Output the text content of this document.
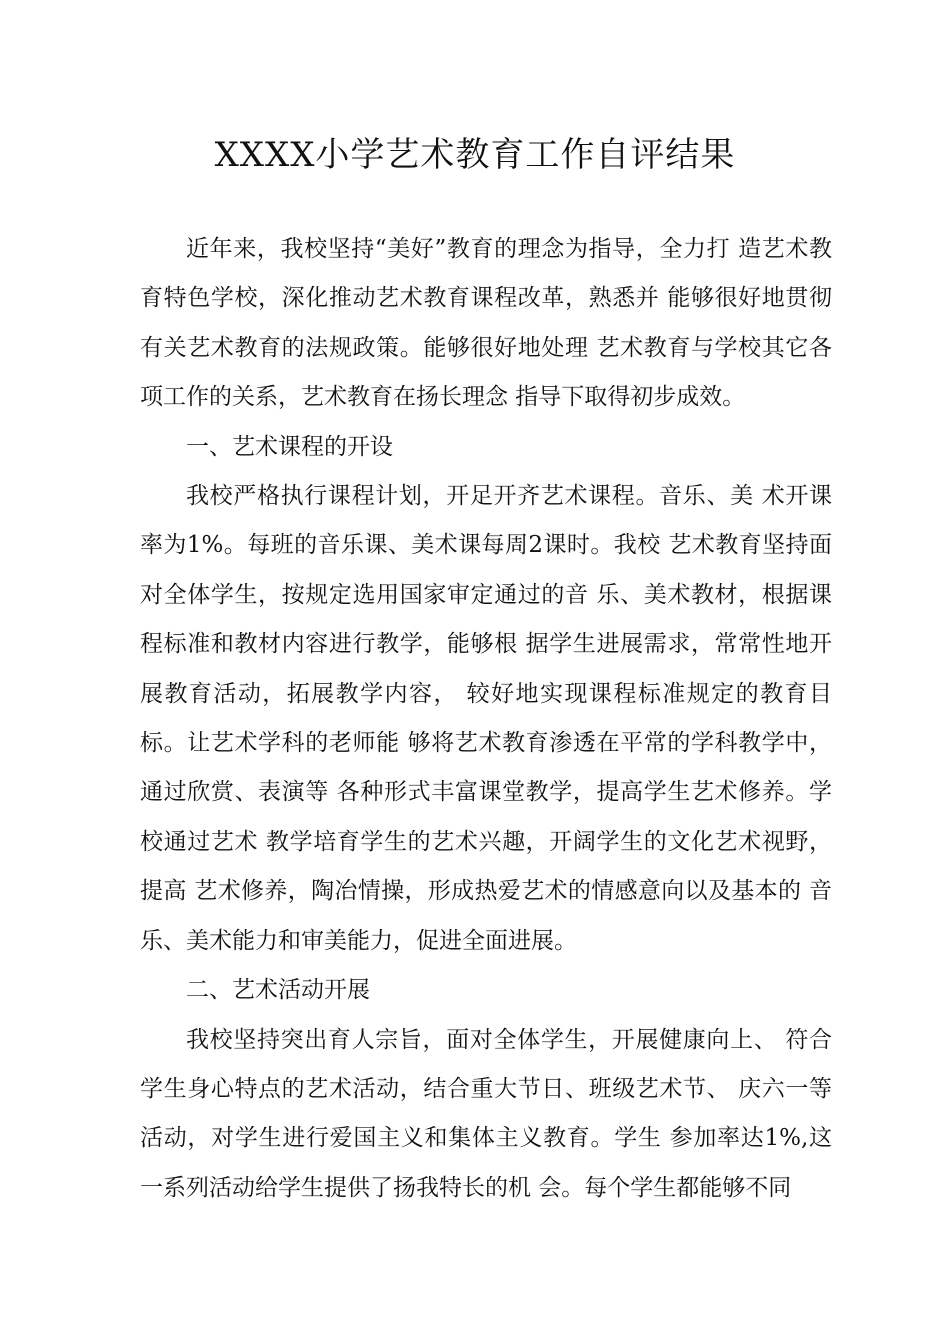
XXXX小学艺术教育工作自评结果

近年来，我校坚持“美好”教育的理念为指导，全力打 造艺术教育特色学校，深化推动艺术教育课程改革，熟悉并 能够很好地贯彻有关艺术教育的法规政策。能够很好地处理 艺术教育与学校其它各项工作的关系，艺术教育在扬长理念 指导下取得初步成效。

一、艺术课程的开设

我校严格执行课程计划，开足开齐艺术课程。音乐、美 术开课率为1%。每班的音乐课、美术课每周2课时。我校 艺术教育坚持面对全体学生，按规定选用国家审定通过的音 乐、美术教材，根据课程标准和教材内容进行教学，能够根 据学生进展需求，常常性地开展教育活动，拓展教学内容， 较好地实现课程标准规定的教育目标。让艺术学科的老师能 够将艺术教育渗透在平常的学科教学中，通过欣赏、表演等 各种形式丰富课堂教学，提高学生艺术修养。学校通过艺术 教学培育学生的艺术兴趣，开阔学生的文化艺术视野，提高 艺术修养，陶冶情操，形成热爱艺术的情感意向以及基本的 音乐、美术能力和审美能力，促进全面进展。

二、艺术活动开展

我校坚持突出育人宗旨，面对全体学生，开展健康向上、 符合学生身心特点的艺术活动，结合重大节日、班级艺术节、 庆六一等活动，对学生进行爱国主义和集体主义教育。学生 参加率达1%,这一系列活动给学生提供了扬我特长的机 会。每个学生都能够不同
